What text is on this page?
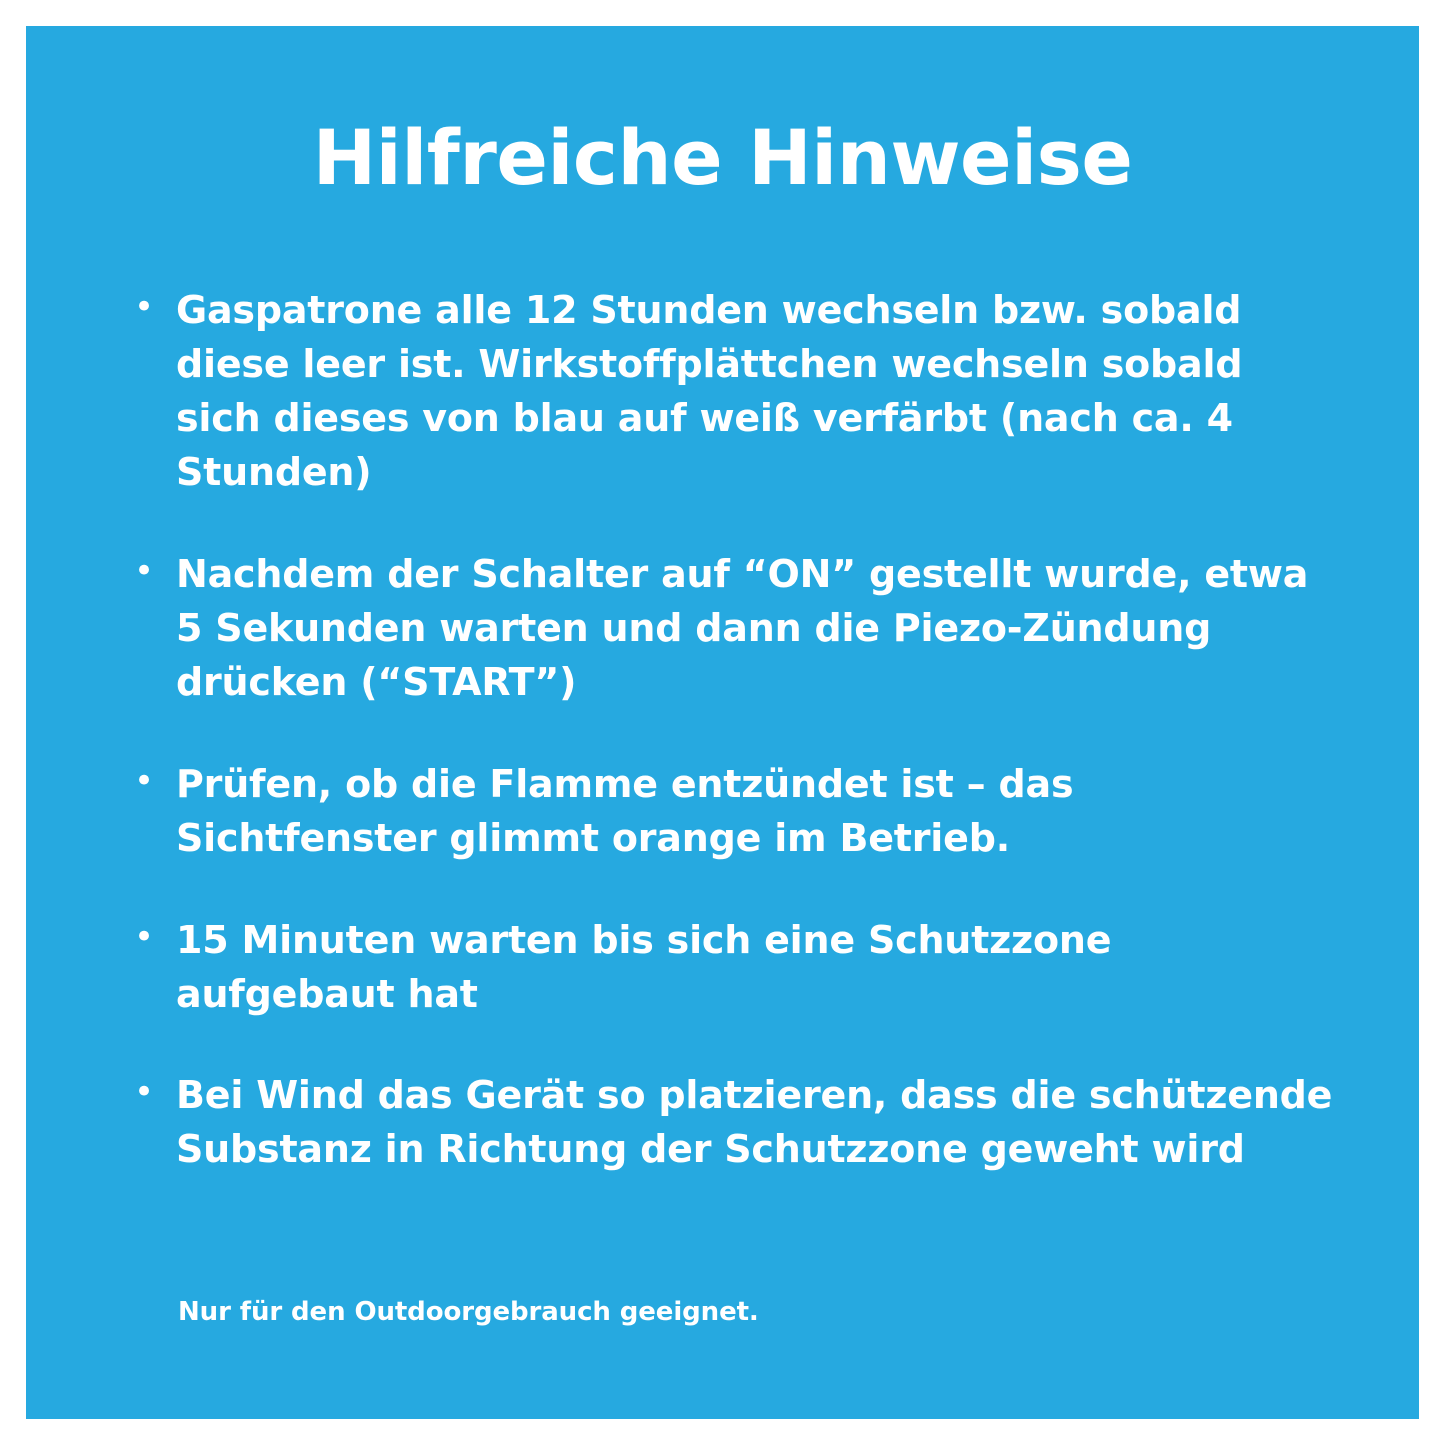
Hilfreiche Hinweise
• Gaspatrone alle 12 Stunden wechseln bzw. sobald diese leer ist. Wirkstoffplättchen wechseln sobald sich dieses von blau auf weiß verfärbt (nach ca. 4 Stunden)
• Nachdem der Schalter auf “ON” gestellt wurde, etwa 5 Sekunden warten und dann die Piezo-Zündung drücken (“START”)
• Prüfen, ob die Flamme entzündet ist – das Sichtfenster glimmt orange im Betrieb.
• 15 Minuten warten bis sich eine Schutzzone aufgebaut hat
• Bei Wind das Gerät so platzieren, dass die schützende Substanz in Richtung der Schutzzone geweht wird
Nur für den Outdoorgebrauch geeignet.
